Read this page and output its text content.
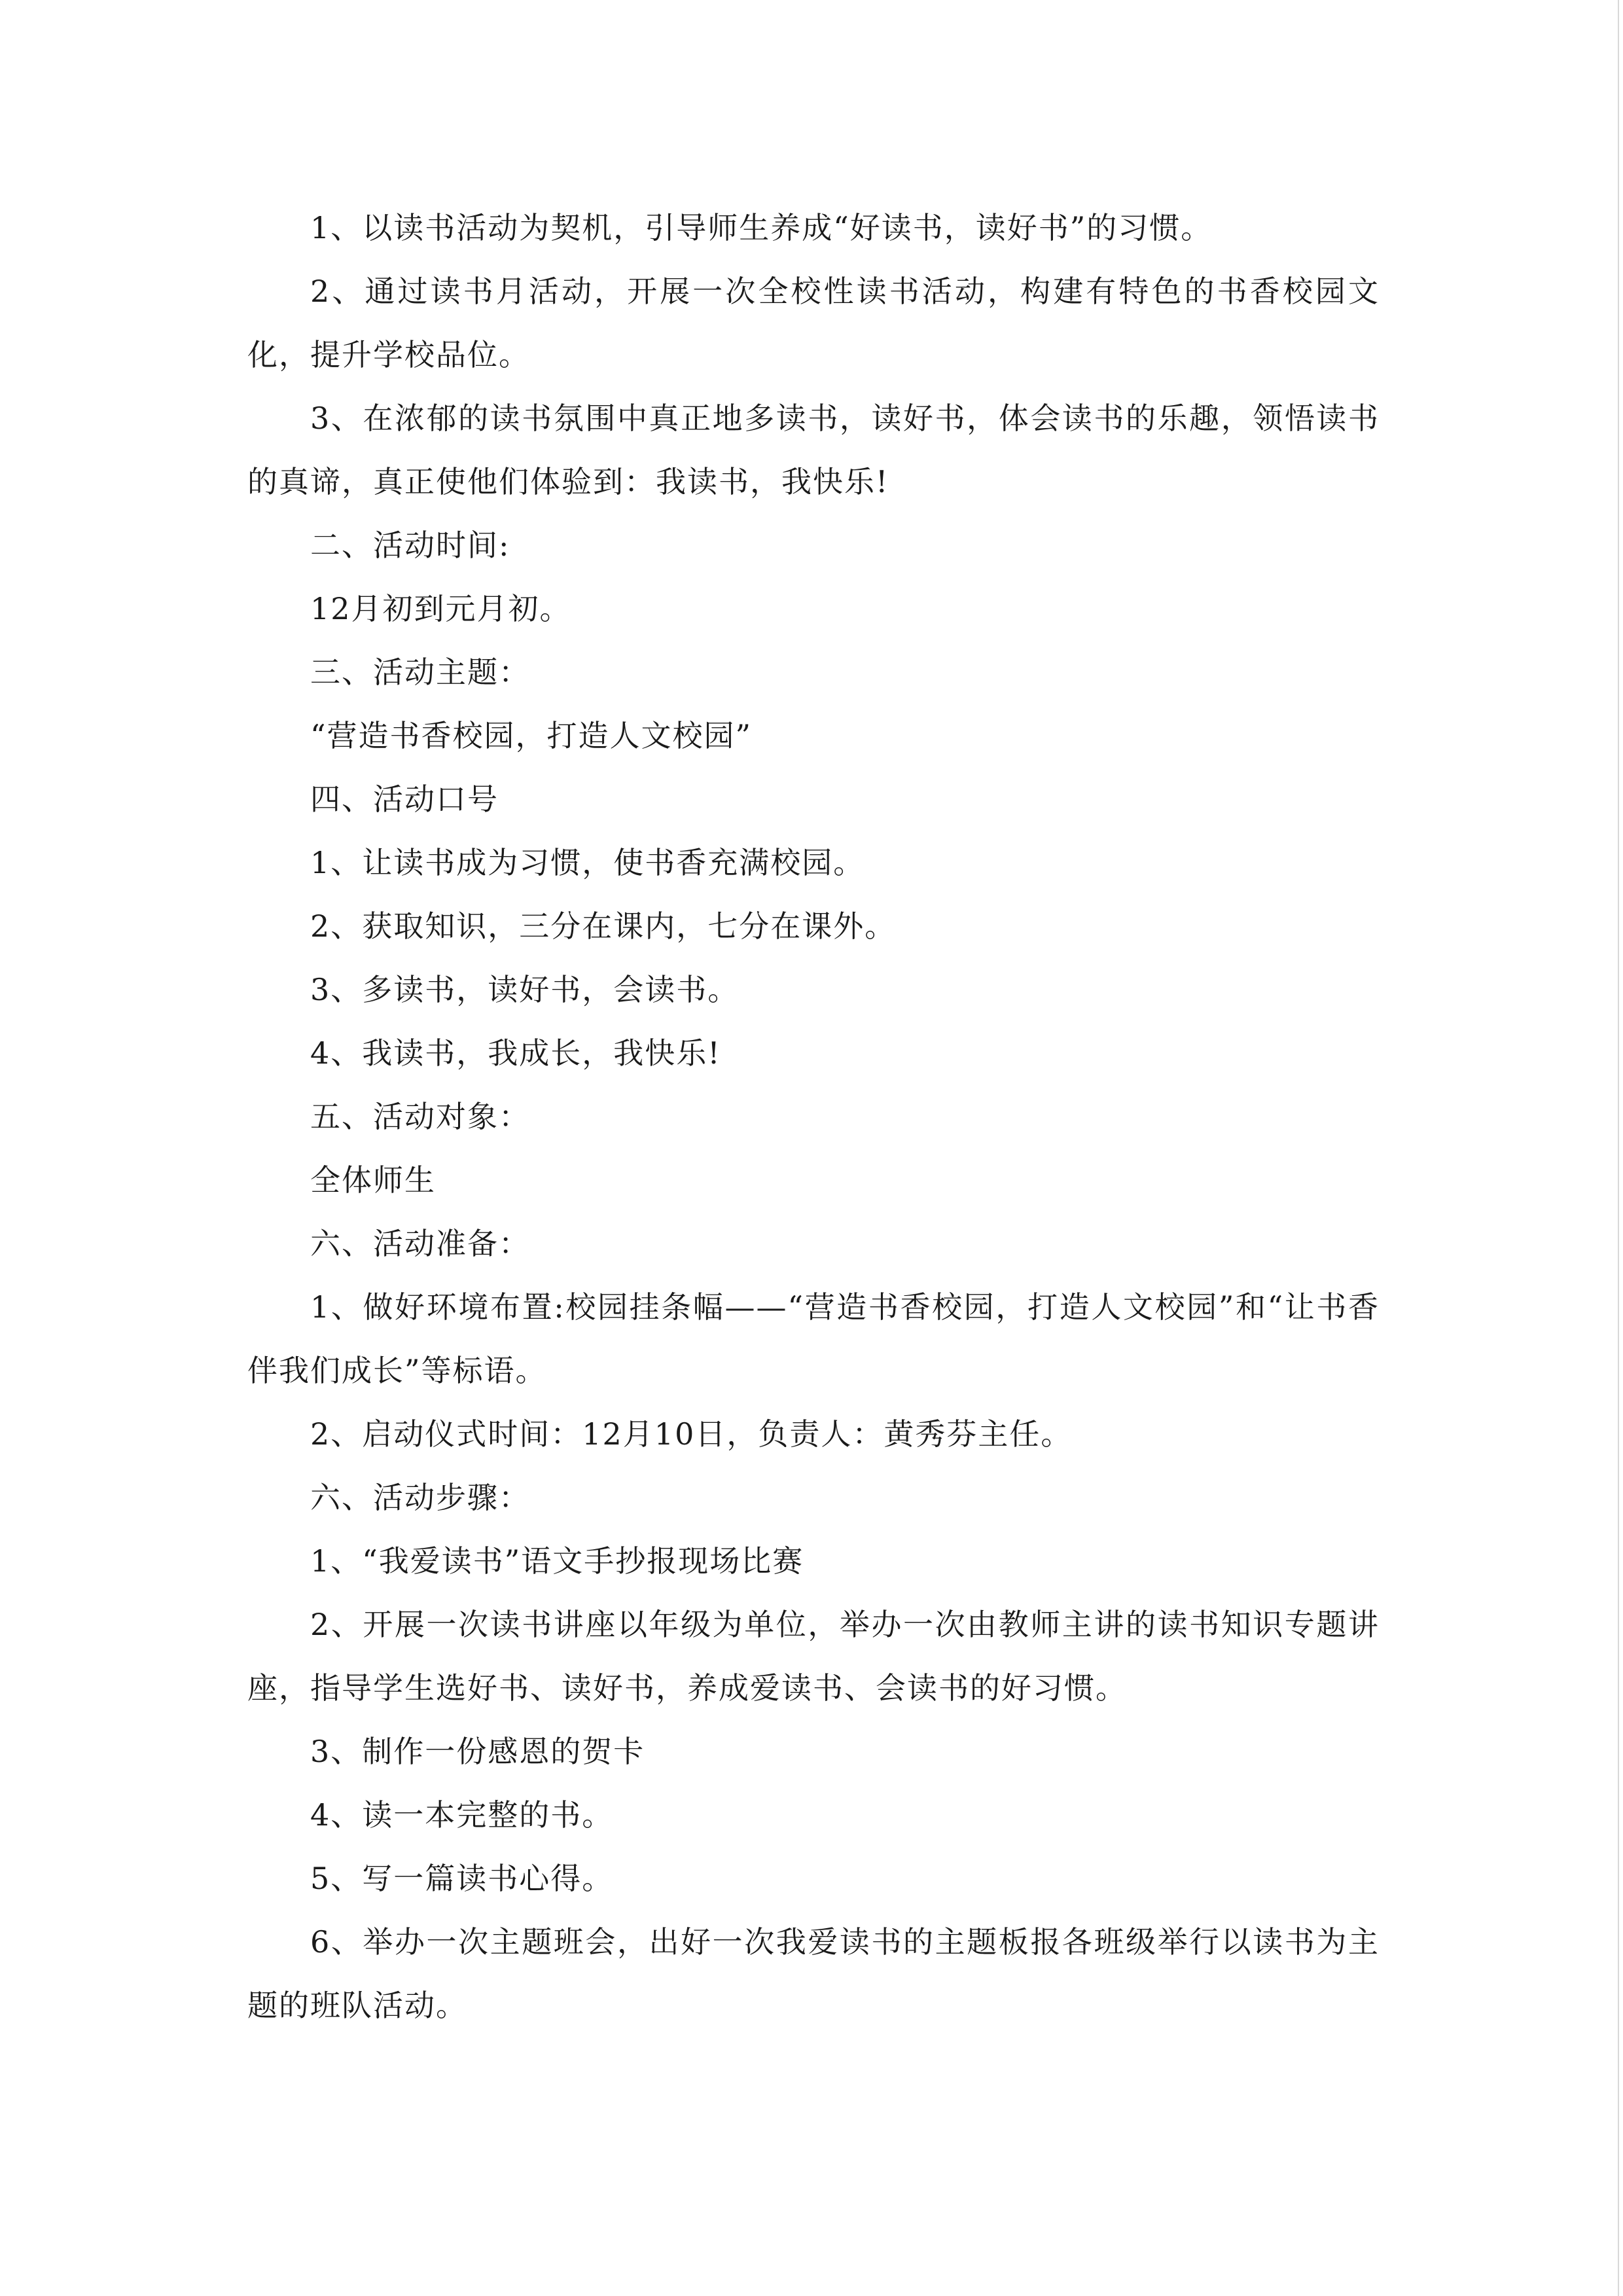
1、以读书活动为契机，引导师生养成“好读书，读好书”的习惯。

2、通过读书月活动，开展一次全校性读书活动，构建有特色的书香校园文化，提升学校品位。

3、在浓郁的读书氛围中真正地多读书，读好书，体会读书的乐趣，领悟读书的真谛，真正使他们体验到：我读书，我快乐!

二、活动时间:

12月初到元月初。

三、活动主题：

“营造书香校园，打造人文校园”

四、活动口号

1、让读书成为习惯，使书香充满校园。

2、获取知识，三分在课内，七分在课外。

3、多读书，读好书，会读书。

4、我读书，我成长，我快乐!

五、活动对象：

全体师生

六、活动准备：

1、做好环境布置:校园挂条幅——“营造书香校园，打造人文校园”和“让书香伴我们成长”等标语。

2、启动仪式时间：12月10日，负责人：黄秀芬主任。

六、活动步骤：

1、“我爱读书”语文手抄报现场比赛

2、开展一次读书讲座以年级为单位，举办一次由教师主讲的读书知识专题讲座，指导学生选好书、读好书，养成爱读书、会读书的好习惯。

3、制作一份感恩的贺卡

4、读一本完整的书。

5、写一篇读书心得。

6、举办一次主题班会，出好一次我爱读书的主题板报各班级举行以读书为主题的班队活动。
